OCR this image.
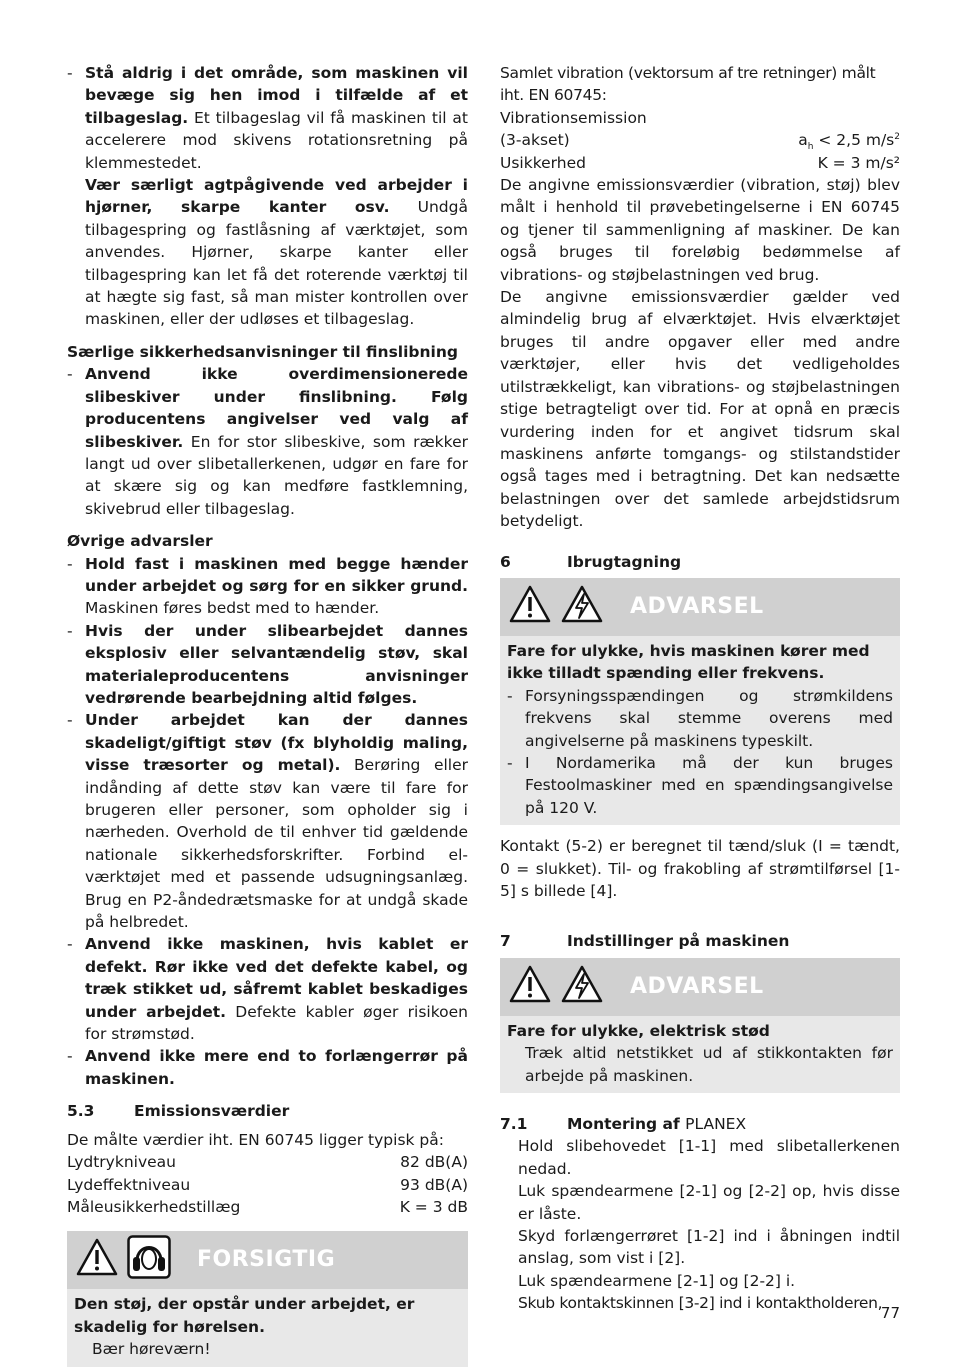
- Stå aldrig i det område, som maskinen vil bevæge sig hen imod i tilfælde af et tilbageslag. Et tilbageslag vil få maskinen til at accelerere mod skivens rotationsretning på klemmestedet.
Vær særligt agtpågivende ved arbejder i hjørner, skarpe kanter osv. Undgå tilbagespring og fastlåsning af værktøjet, som anvendes. Hjørner, skarpe kanter eller tilbagespring kan let få det roterende værktøj til at hægte sig fast, så man mister kontrollen over maskinen, eller der udløses et tilbageslag.

Særlige sikkerhedsanvisninger til finslibning

- Anvend ikke overdimensionerede slibeskiver under finslibning. Følg producentens angivelser ved valg af slibeskiver. En for stor slibeskive, som rækker langt ud over slibetallerkenen, udgør en fare for at skære sig og kan medføre fastklemning, skivebrud eller tilbageslag.

Øvrige advarsler

- Hold fast i maskinen med begge hænder under arbejdet og sørg for en sikker grund. Maskinen føres bedst med to hænder.
- Hvis der under slibearbejdet dannes eksplosiv eller selvantændelig støv, skal materialeproducentens anvisninger vedrørende bearbejdning altid følges.
- Under arbejdet kan der dannes skadeligt/giftigt støv (fx blyholdig maling, visse træsorter og metal). Berøring eller indånding af dette støv kan være til fare for brugeren eller personer, som opholder sig i nærheden. Overhold de til enhver tid gældende nationale sikkerhedsforskrifter. Forbind el-værktøjet med et passende udsugningsanlæg. Brug en P2-åndedrætsmaske for at undgå skade på helbredet.
- Anvend ikke maskinen, hvis kablet er defekt. Rør ikke ved det defekte kabel, og træk stikket ud, såfremt kablet beskadiges under arbejdet. Defekte kabler øger risikoen for strømstød.
- Anvend ikke mere end to forlængerrør på maskinen.
5.3	Emissionsværdier

De målte værdier iht. EN 60745 ligger typisk på:

Lydtrykniveau	82 dB(A)
Lydeffektniveau	93 dB(A)
Måleusikkerhedstillæg	K = 3 dB
FORSIGTIG

Den støj, der opstår under arbejdet, er skadelig for hørelsen.

Bær høreværn!

Samlet vibration (vektorsum af tre retninger) målt iht. EN 60745:

Vibrationsemission

(3-akset)	$a_h < 2,5$ $m/s^2$
Usikkerhed	K = 3 m/s²

De angivne emissionsværdier (vibration, støj) blev målt i henhold til prøvebetingelserne i EN 60745 og tjener til sammenligning af maskiner. De kan også bruges til foreløbig bedømmelse af vibrations- og støjbelastningen ved brug.

De angivne emissionsværdier gælder ved almindelig brug af elværktøjet. Hvis elværktøjet bruges til andre opgaver eller med andre værktøjer, eller hvis det vedligeholdes utilstrækkeligt, kan vibrations- og støjbelastningen stige betragteligt over tid. For at opnå en præcis vurdering inden for et angivet tidsrum skal maskinens anførte tomgangs- og stilstandstider også tages med i betragtning. Det kan nedsætte belastningen over det samlede arbejdstidsrum betydeligt.

6	Ibrugtagning
ADVARSEL

Fare for ulykke, hvis maskinen kører med ikke tilladt spænding eller frekvens.

- Forsyningsspændingen og strømkildens frekvens skal stemme overens med angivelserne på maskinens typeskilt.
- I Nordamerika må der kun bruges Festoolmaskiner med en spændingsangivelse på 120 V.

Kontakt (5-2) er beregnet til tænd/sluk (I = tændt, 0 = slukket). Til- og frakobling af strømtilførsel [1-5] s billede [4].

7	Indstillinger på maskinen
ADVARSEL

Fare for ulykke, elektrisk stød

Træk altid netstikket ud af stikkontakten før arbejde på maskinen.

7.1	Montering af PLANEX

Hold slibehovedet [1-1] med slibetallerkenen nedad.

Luk spændearmene [2-1] og [2-2] op, hvis disse er låste.

Skyd forlængerrøret [1-2] ind i åbningen indtil anslag, som vist i [2].

Luk spændearmene [2-1] og [2-2] i.

Skub kontaktskinnen [3-2] ind i kontaktholderen,

77
